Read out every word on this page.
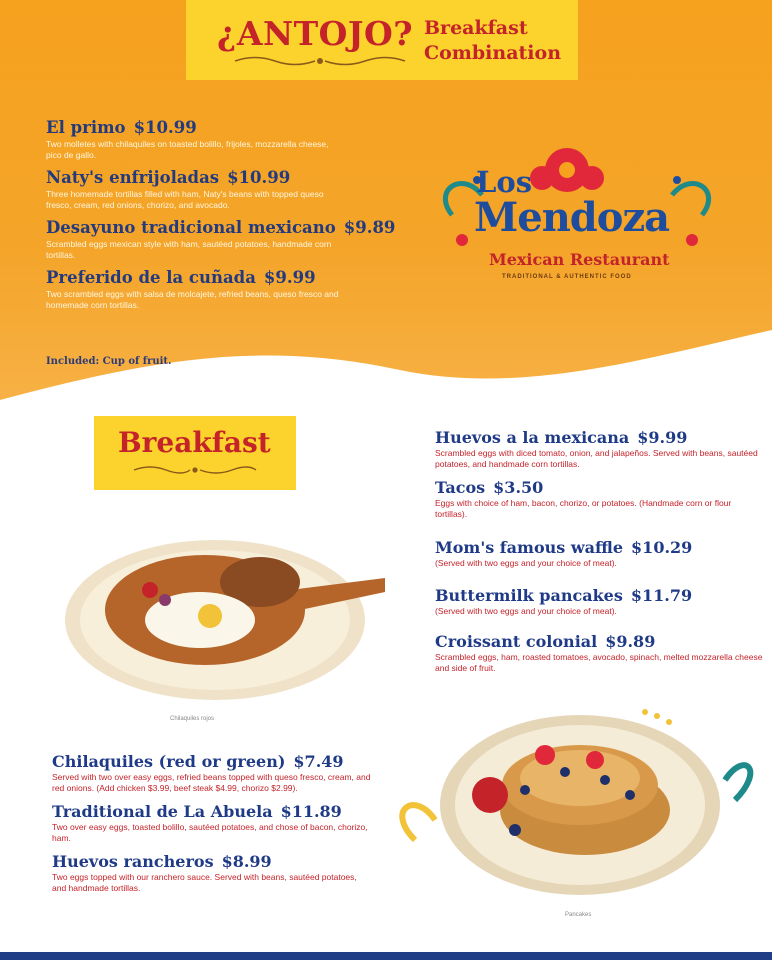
¿ANTOJO? Breakfast
Combination
El primo $10.99
Two molletes with chilaquiles on toasted bolillo, frijoles, mozzarella cheese, pico de gallo.
Naty's enfrijoladas $10.99
Three homemade tortillas filled with ham, Naty's beans with topped queso fresco, cream, red onions, chorizo, and avocado.
Desayuno tradicional mexicano $9.89
Scrambled eggs mexican style with ham, sautéed potatoes, handmade corn tortillas.
Preferido de la cuñada $9.99
Two scrambled eggs with salsa de molcajete, refried beans, queso fresco and homemade corn tortillas.
Included: Cup of fruit.
Los
Mendoza
Mexican Restaurant
TRADITIONAL & AUTHENTIC FOOD
Breakfast
Chilaquiles rojos
Huevos a la mexicana $9.99
Scrambled eggs with diced tomato, onion, and jalapeños. Served with beans, sautéed potatoes, and handmade corn tortillas.
Tacos $3.50
Eggs with choice of ham, bacon, chorizo, or potatoes. (Handmade corn or flour tortillas).
Mom's famous waffle $10.29
(Served with two eggs and your choice of meat).
Buttermilk pancakes $11.79
(Served with two eggs and your choice of meat).
Croissant colonial $9.89
Scrambled eggs, ham, roasted tomatoes, avocado, spinach, melted mozzarella cheese and side of fruit.
Pancakes
Chilaquiles (red or green) $7.49
Served with two over easy eggs, refried beans topped with queso fresco, cream, and red onions. (Add chicken $3.99, beef steak $4.99, chorizo $2.99).
Traditional de La Abuela $11.89
Two over easy eggs, toasted bolillo, sautéed potatoes, and chose of bacon, chorizo, ham.
Huevos rancheros $8.99
Two eggs topped with our ranchero sauce. Served with beans, sautéed potatoes, and handmade tortillas.
